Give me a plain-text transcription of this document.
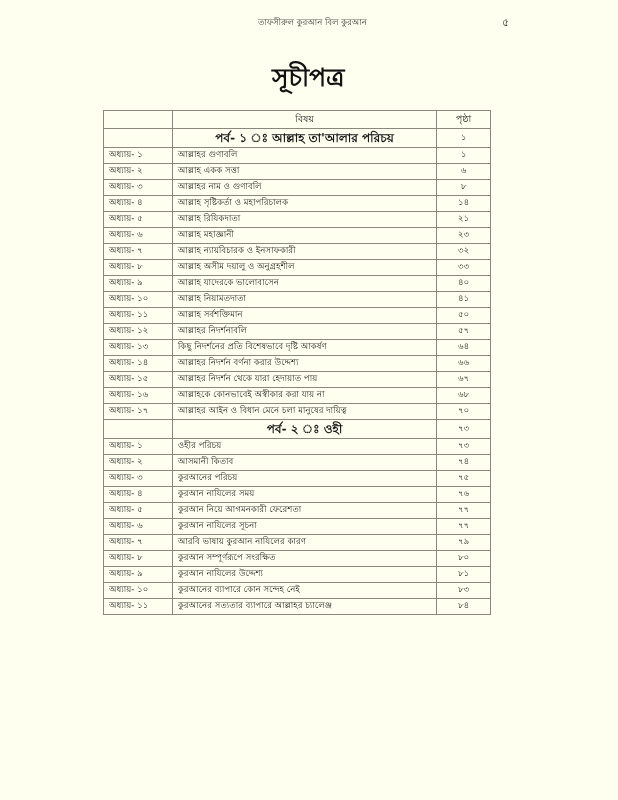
তাফসীরুল কুরআন বিল কুরআন	৫
সূচীপত্র
	বিষয়	পৃষ্ঠা
	পর্ব- ১ ঃ আল্লাহ তা'আলার পরিচয়	১
অধ্যায়- ১	আল্লাহর গুণাবলি	১
অধ্যায়- ২	আল্লাহ একক সত্তা	৬
অধ্যায়- ৩	আল্লাহর নাম ও গুণাবলি	৮
অধ্যায়- ৪	আল্লাহ সৃষ্টিকর্তা ও মহাপরিচালক	১৪
অধ্যায়- ৫	আল্লাহ রিযিকদাতা	২১
অধ্যায়- ৬	আল্লাহ মহাজ্ঞানী	২৩
অধ্যায়- ৭	আল্লাহ ন্যায়বিচারক ও ইনসাফকারী	৩২
অধ্যায়- ৮	আল্লাহ অসীম দয়ালু ও অনুগ্রহশীল	৩৩
অধ্যায়- ৯	আল্লাহ যাদেরকে ভালোবাসেন	৪০
অধ্যায়- ১০	আল্লাহ নিয়ামতদাতা	৪১
অধ্যায়- ১১	আল্লাহ সর্বশক্তিমান	৫০
অধ্যায়- ১২	আল্লাহর নিদর্শনাবলি	৫৭
অধ্যায়- ১৩	কিছু নিদর্শনের প্রতি বিশেষভাবে দৃষ্টি আকর্ষণ	৬৪
অধ্যায়- ১৪	আল্লাহর নিদর্শন বর্ণনা করার উদ্দেশ্য	৬৬
অধ্যায়- ১৫	আল্লাহর নিদর্শন থেকে যারা হেদায়াত পায়	৬৭
অধ্যায়- ১৬	আল্লাহকে কোনভাবেই অস্বীকার করা যায় না	৬৮
অধ্যায়- ১৭	আল্লাহর আইন ও বিধান মেনে চলা মানুষের দায়িত্ব	৭০
	পর্ব- ২ ঃ ওহী	৭৩
অধ্যায়- ১	ওহীর পরিচয়	৭৩
অধ্যায়- ২	আসমানী কিতাব	৭৪
অধ্যায়- ৩	কুরআনের পরিচয়	৭৫
অধ্যায়- ৪	কুরআন নাযিলের সময়	৭৬
অধ্যায়- ৫	কুরআন নিয়ে আগমনকারী ফেরেশতা	৭৭
অধ্যায়- ৬	কুরআন নাযিলের সূচনা	৭৭
অধ্যায়- ৭	আরবি ভাষায় কুরআন নাযিলের কারণ	৭৯
অধ্যায়- ৮	কুরআন সম্পূর্ণরূপে সংরক্ষিত	৮০
অধ্যায়- ৯	কুরআন নাযিলের উদ্দেশ্য	৮১
অধ্যায়- ১০	কুরআনের ব্যাপারে কোন সন্দেহ নেই	৮৩
অধ্যায়- ১১	কুরআনের সত্যতার ব্যাপারে আল্লাহর চ্যালেঞ্জ	৮৪
